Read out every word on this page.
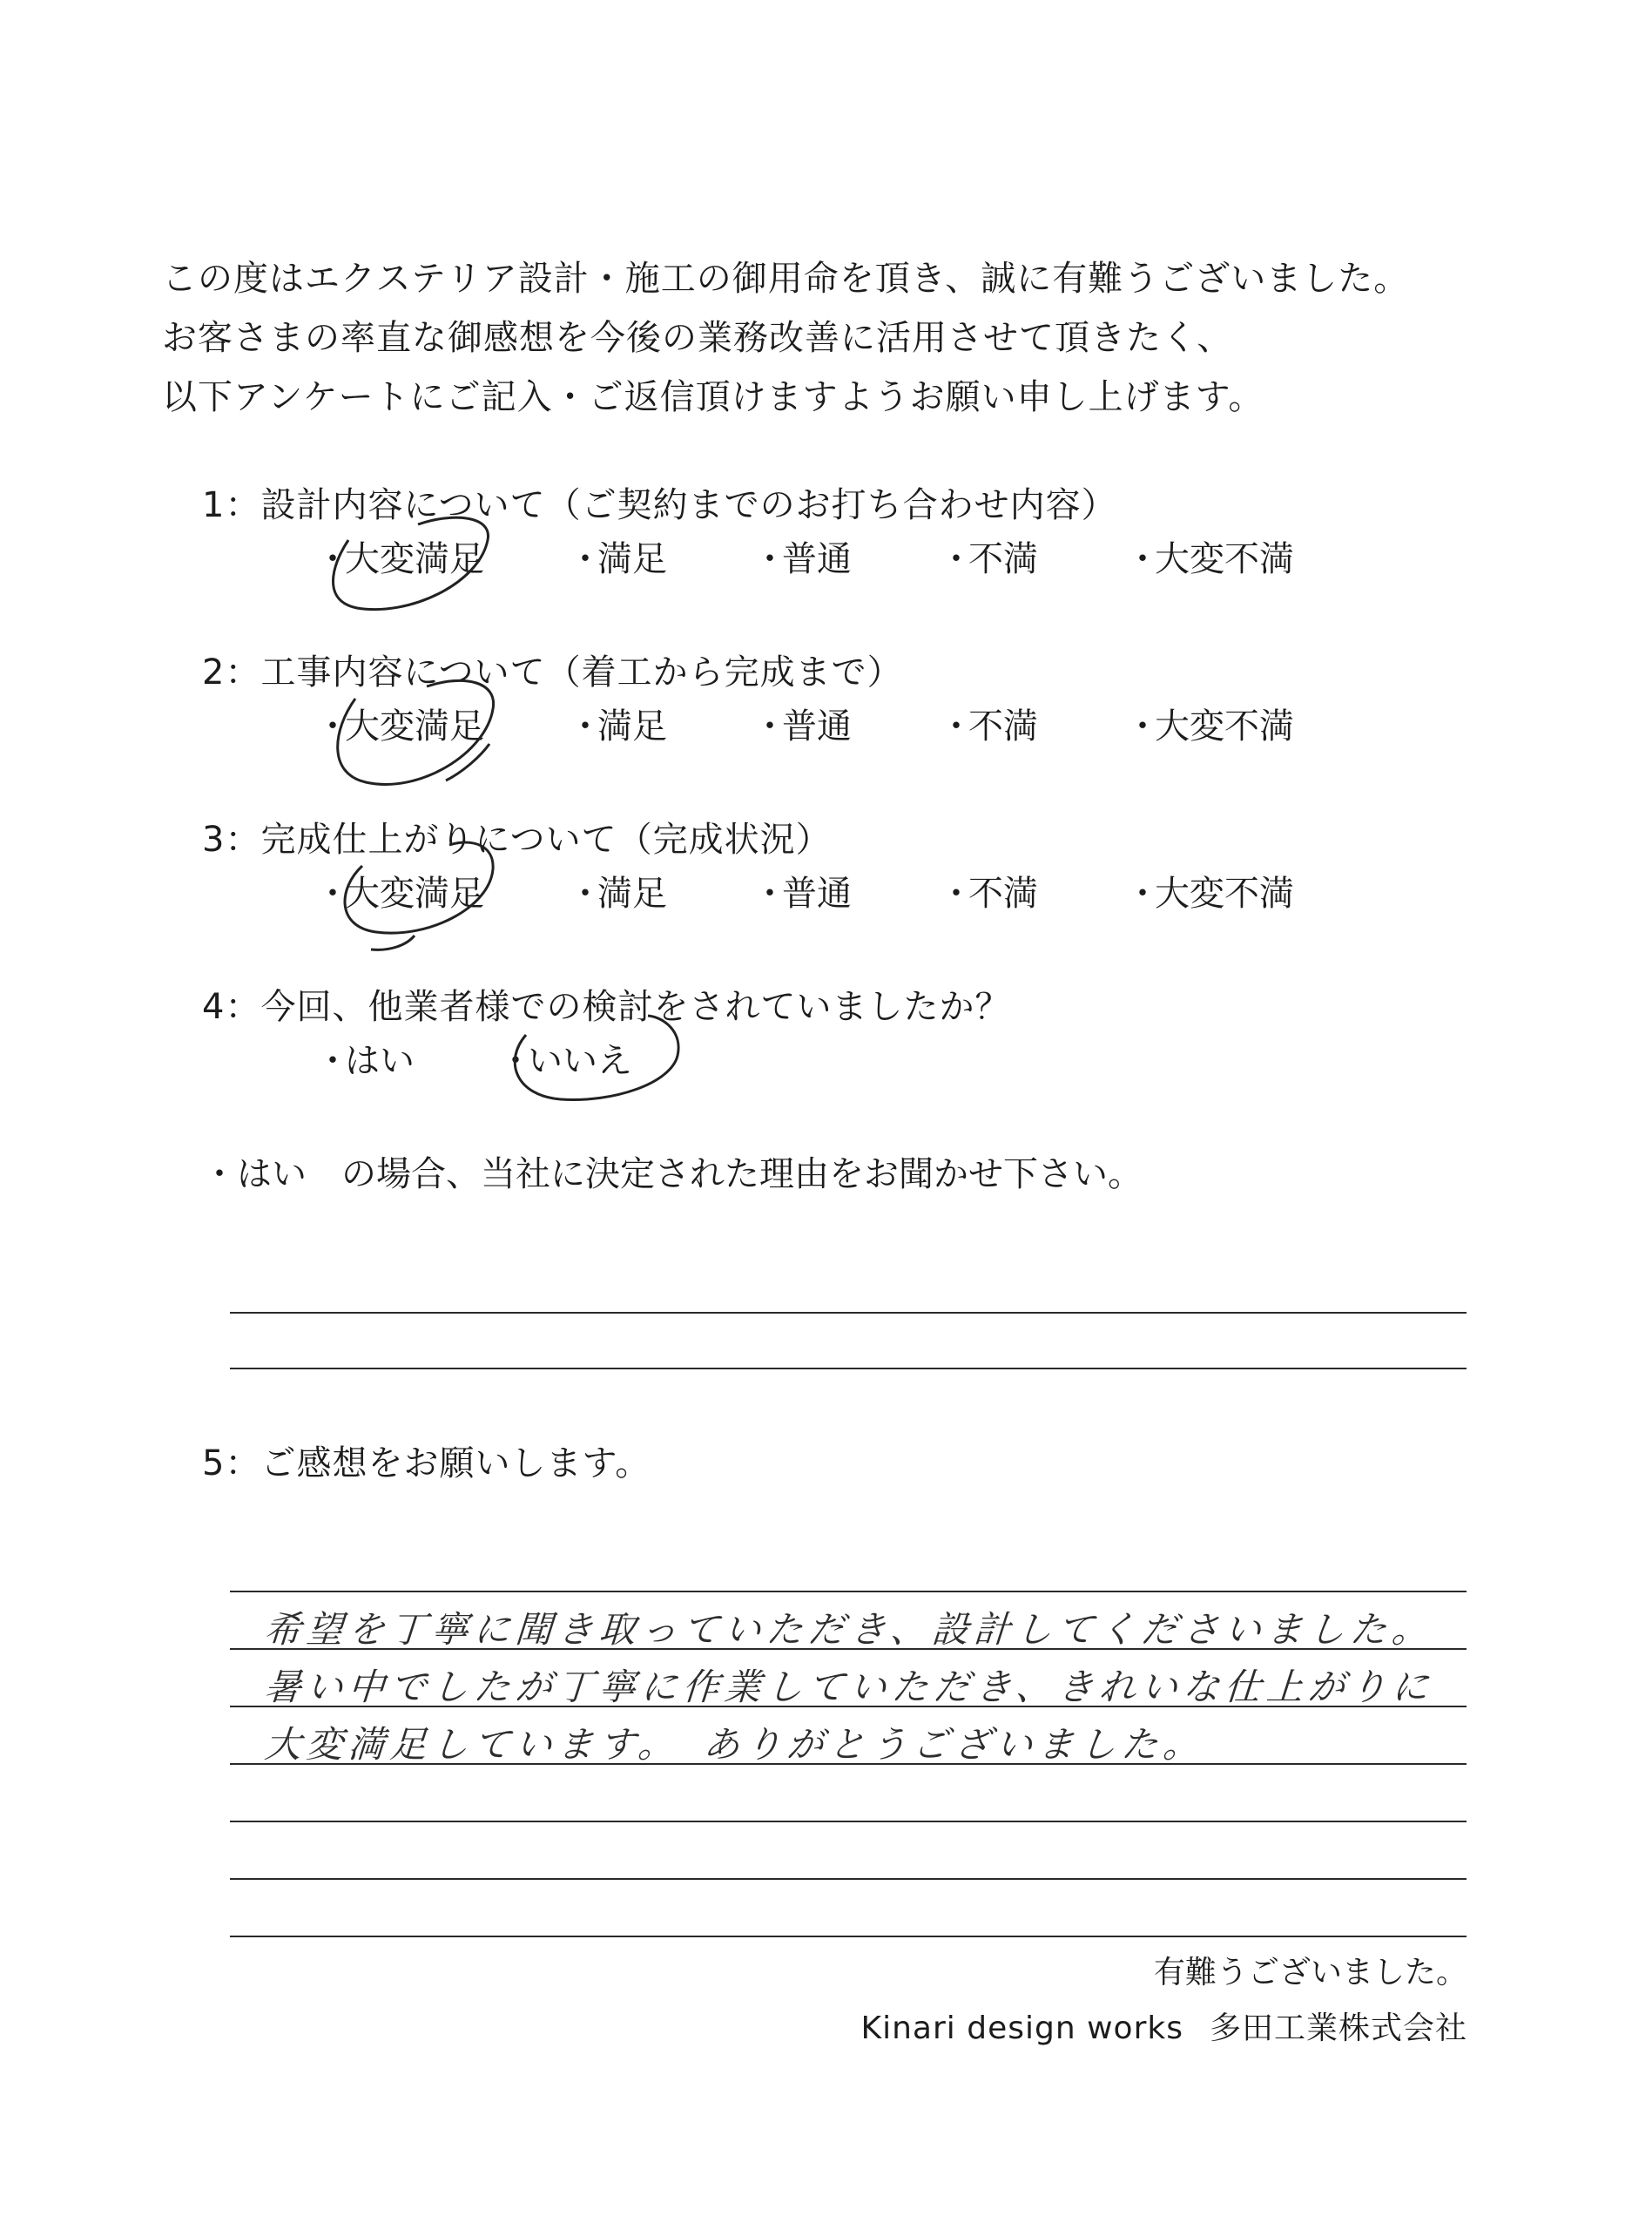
この度はエクステリア設計・施工の御用命を頂き、誠に有難うございました。
お客さまの率直な御感想を今後の業務改善に活用させて頂きたく、
以下アンケートにご記入・ご返信頂けますようお願い申し上げます。
1：設計内容について（ご契約までのお打ち合わせ内容）
・大変満足 ・満足 ・普通	・不満	・大変不満
2：工事内容について（着工から完成まで）
・大変満足 ・満足 ・普通	・不満	・大変不満
3：完成仕上がりについて（完成状況）
・大変満足 ・満足 ・普通	・不満	・大変不満
4：今回、他業者様での検討をされていましたか？
・はい ・いいえ
・はい　の場合、当社に決定された理由をお聞かせ下さい。
5：ご感想をお願いします。
希望を丁寧に聞き取っていただき、設計してくださいました。
暑い中でしたが丁寧に作業していただき、きれいな仕上がりに
大変満足しています。　ありがとうございました。
有難うございました。
Kinari design works 多田工業株式会社
